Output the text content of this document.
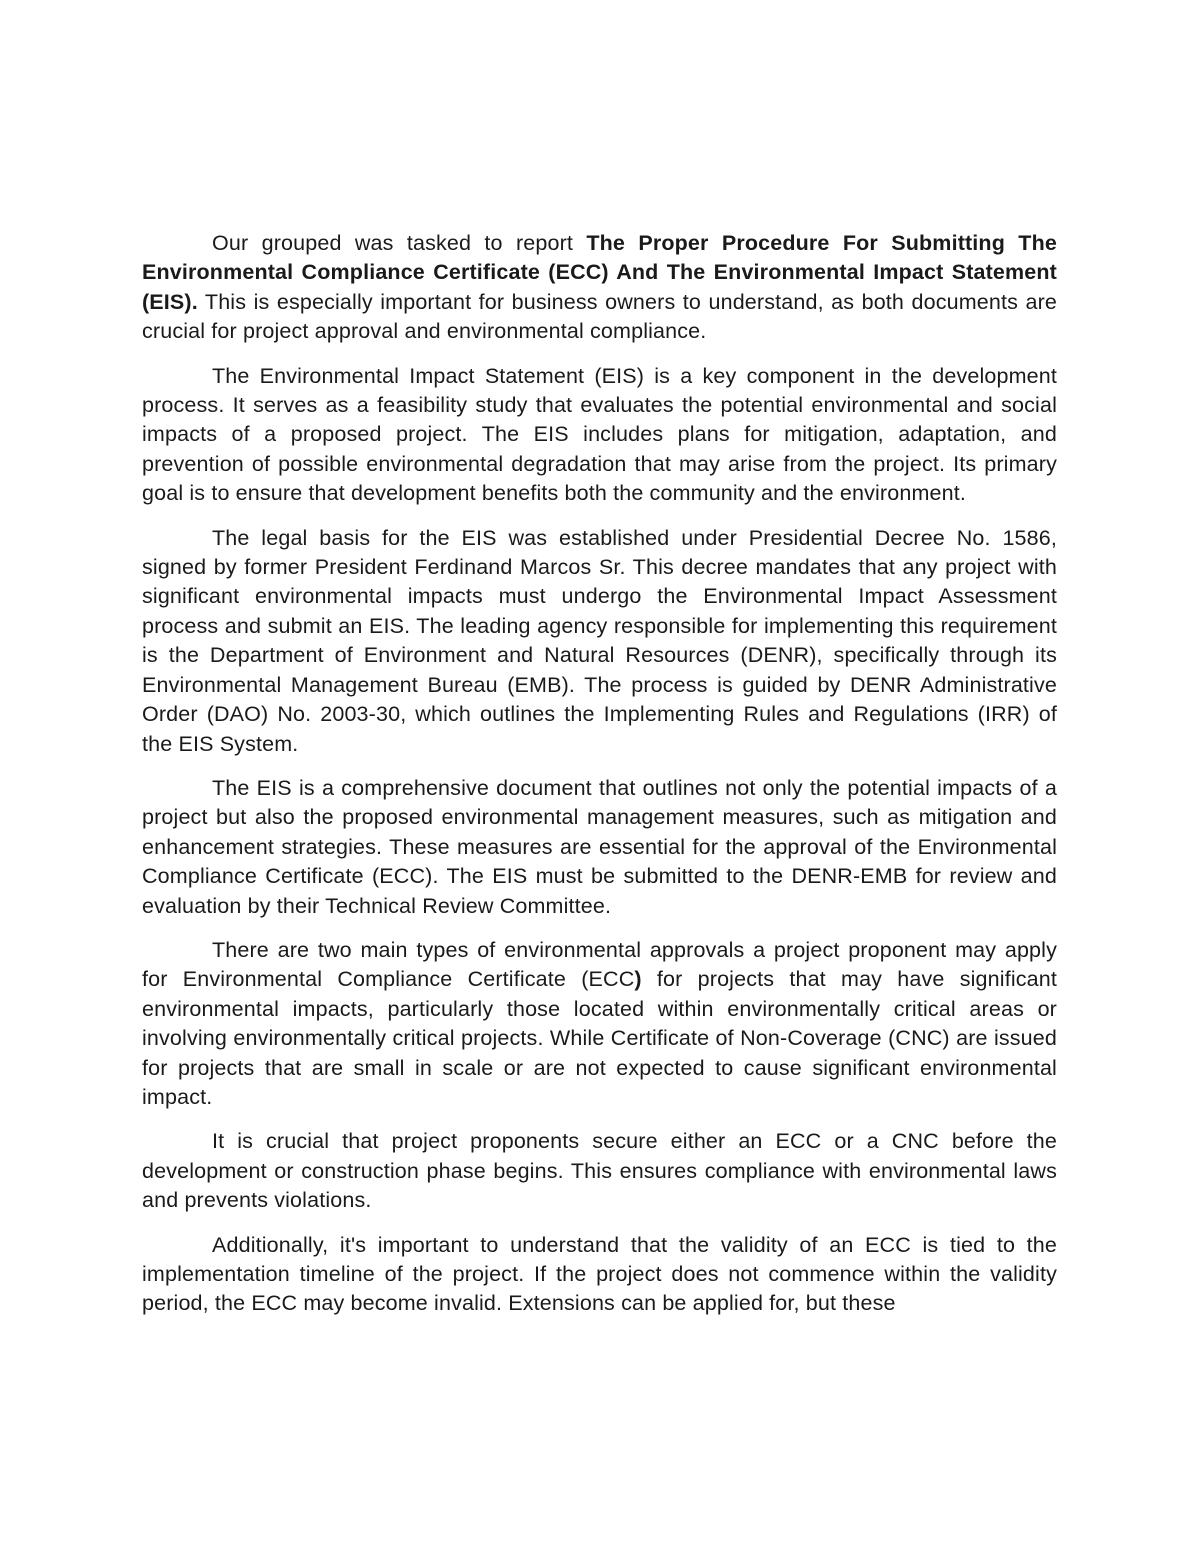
Our grouped was tasked to report The Proper Procedure For Submitting The Environmental Compliance Certificate (ECC) And The Environmental Impact Statement (EIS). This is especially important for business owners to understand, as both documents are crucial for project approval and environmental compliance.

The Environmental Impact Statement (EIS) is a key component in the development process. It serves as a feasibility study that evaluates the potential environmental and social impacts of a proposed project. The EIS includes plans for mitigation, adaptation, and prevention of possible environmental degradation that may arise from the project. Its primary goal is to ensure that development benefits both the community and the environment.

The legal basis for the EIS was established under Presidential Decree No. 1586, signed by former President Ferdinand Marcos Sr. This decree mandates that any project with significant environmental impacts must undergo the Environmental Impact Assessment process and submit an EIS. The leading agency responsible for implementing this requirement is the Department of Environment and Natural Resources (DENR), specifically through its Environmental Management Bureau (EMB). The process is guided by DENR Administrative Order (DAO) No. 2003-30, which outlines the Implementing Rules and Regulations (IRR) of the EIS System.

The EIS is a comprehensive document that outlines not only the potential impacts of a project but also the proposed environmental management measures, such as mitigation and enhancement strategies. These measures are essential for the approval of the Environmental Compliance Certificate (ECC). The EIS must be submitted to the DENR-EMB for review and evaluation by their Technical Review Committee.

There are two main types of environmental approvals a project proponent may apply for Environmental Compliance Certificate (ECC) for projects that may have significant environmental impacts, particularly those located within environmentally critical areas or involving environmentally critical projects. While Certificate of Non-Coverage (CNC) are issued for projects that are small in scale or are not expected to cause significant environmental impact.

It is crucial that project proponents secure either an ECC or a CNC before the development or construction phase begins. This ensures compliance with environmental laws and prevents violations.

Additionally, it's important to understand that the validity of an ECC is tied to the implementation timeline of the project. If the project does not commence within the validity period, the ECC may become invalid. Extensions can be applied for, but these
